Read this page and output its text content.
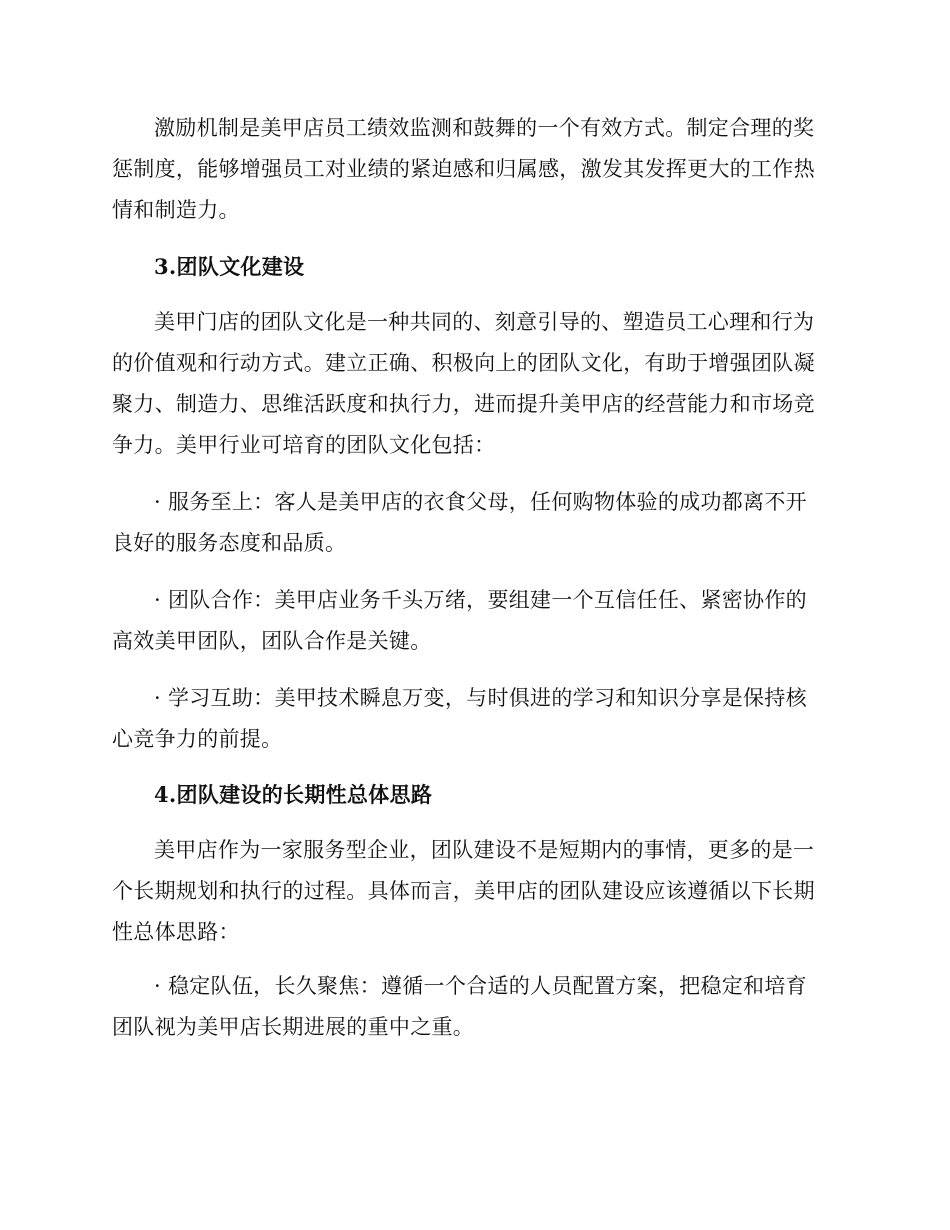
激励机制是美甲店员工绩效监测和鼓舞的一个有效方式。制定合理的奖
惩制度，能够增强员工对业绩的紧迫感和归属感，激发其发挥更大的工作热
情和制造力。
3.团队文化建设
美甲门店的团队文化是一种共同的、刻意引导的、塑造员工心理和行为
的价值观和行动方式。建立正确、积极向上的团队文化，有助于增强团队凝
聚力、制造力、思维活跃度和执行力，进而提升美甲店的经营能力和市场竞
争力。美甲行业可培育的团队文化包括：
· 服务至上：客人是美甲店的衣食父母，任何购物体验的成功都离不开
良好的服务态度和品质。
· 团队合作：美甲店业务千头万绪，要组建一个互信任任、紧密协作的
高效美甲团队，团队合作是关键。
· 学习互助：美甲技术瞬息万变，与时俱进的学习和知识分享是保持核
心竞争力的前提。
4.团队建设的长期性总体思路
美甲店作为一家服务型企业，团队建设不是短期内的事情，更多的是一
个长期规划和执行的过程。具体而言，美甲店的团队建设应该遵循以下长期
性总体思路：
· 稳定队伍，长久聚焦：遵循一个合适的人员配置方案，把稳定和培育
团队视为美甲店长期进展的重中之重。
